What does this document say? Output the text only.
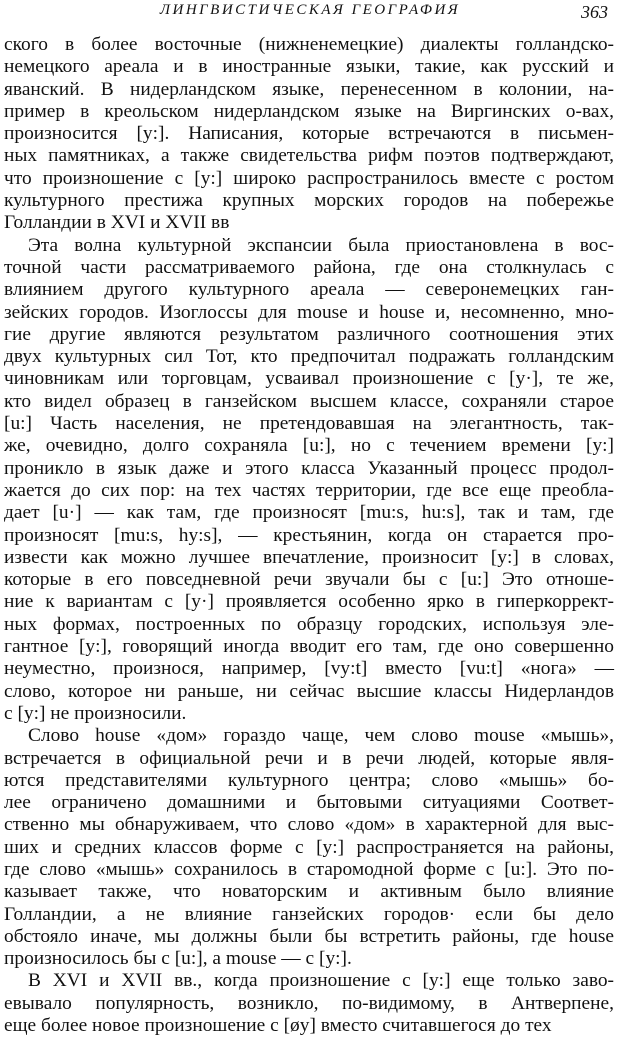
ЛИНГВИСТИЧЕСКАЯ ГЕОГРАФИЯ	363
ского в более восточные (нижненемецкие) диалекты голландско-
немецкого ареала и в иностранные языки, такие, как русский и
яванский. В нидерландском языке, перенесенном в колонии, на-
пример в креольском нидерландском языке на Виргинских о-вах,
произносится [y:]. Написания, которые встречаются в письмен-
ных памятниках, а также свидетельства рифм поэтов подтверждают,
что произношение с [y:] широко распространилось вместе с ростом
культурного престижа крупных морских городов на побережье
Голландии в XVI и XVII вв
Эта волна культурной экспансии была приостановлена в вос-
точной части рассматриваемого района, где она столкнулась с
влиянием другого культурного ареала — северонемецких ган-
зейских городов. Изоглоссы для mouse и house и, несомненно, мно-
гие другие являются результатом различного соотношения этих
двух культурных сил Тот, кто предпочитал подражать голландским
чиновникам или торговцам, усваивал произношение с [y·], те же,
кто видел образец в ганзейском высшем классе, сохраняли старое
[u:] Часть населения, не претендовавшая на элегантность, так-
же, очевидно, долго сохраняла [u:], но с течением времени [y:]
проникло в язык даже и этого класса Указанный процесс продол-
жается до сих пор: на тех частях территории, где все еще преобла-
дает [u·] — как там, где произносят [mu:s, hu:s], так и там, где
произносят [mu:s, hy:s], — крестьянин, когда он старается про-
извести как можно лучшее впечатление, произносит [y:] в словах,
которые в его повседневной речи звучали бы с [u:] Это отноше-
ние к вариантам с [y·] проявляется особенно ярко в гиперкоррект-
ных формах, построенных по образцу городских, используя эле-
гантное [y:], говорящий иногда вводит его там, где оно совершенно
неуместно, произнося, например, [vy:t] вместо [vu:t] «нога» —
слово, которое ни раньше, ни сейчас высшие классы Нидерландов
с [y:] не произносили.
Слово house «дом» гораздо чаще, чем слово mouse «мышь»,
встречается в официальной речи и в речи людей, которые явля-
ются представителями культурного центра; слово «мышь» бо-
лее ограничено домашними и бытовыми ситуациями Соответ-
ственно мы обнаруживаем, что слово «дом» в характерной для выс-
ших и средних классов форме с [y:] распространяется на районы,
где слово «мышь» сохранилось в старомодной форме с [u:]. Это по-
казывает также, что новаторским и активным было влияние
Голландии, а не влияние ганзейских городов· если бы дело
обстояло иначе, мы должны были бы встретить районы, где house
произносилось бы с [u:], а mouse — с [y:].
В XVI и XVII вв., когда произношение с [y:] еще только заво-
евывало популярность, возникло, по-видимому, в Антверпене,
еще более новое произношение с [øy] вместо считавшегося до тех
